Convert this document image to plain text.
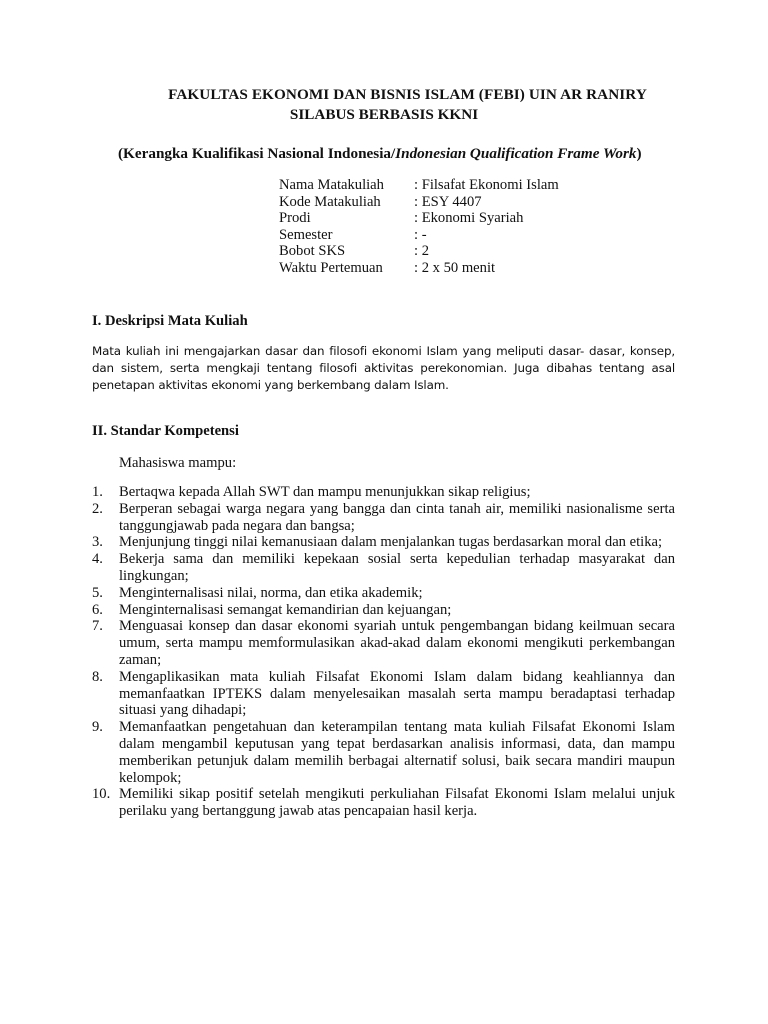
FAKULTAS EKONOMI DAN BISNIS ISLAM (FEBI) UIN AR RANIRY
SILABUS BERBASIS KKNI
(Kerangka Kualifikasi Nasional Indonesia/Indonesian Qualification Frame Work)
Nama Matakuliah	: Filsafat Ekonomi Islam
Kode Matakuliah	: ESY 4407
Prodi	: Ekonomi Syariah
Semester	: -
Bobot SKS	: 2
Waktu Pertemuan	: 2 x 50 menit
I. Deskripsi Mata Kuliah
Mata kuliah ini mengajarkan dasar dan filosofi ekonomi Islam yang meliputi dasar- dasar, konsep, dan sistem, serta mengkaji tentang filosofi aktivitas perekonomian. Juga dibahas tentang asal penetapan aktivitas ekonomi yang berkembang dalam Islam.
II. Standar Kompetensi
Mahasiswa mampu:
1.	Bertaqwa kepada Allah SWT dan mampu menunjukkan sikap religius;
2.	Berperan sebagai warga negara yang bangga dan cinta tanah air, memiliki nasionalisme serta tanggungjawab pada negara dan bangsa;
3.	Menjunjung tinggi nilai kemanusiaan dalam menjalankan tugas berdasarkan moral dan etika;
4.	Bekerja sama dan memiliki kepekaan sosial serta kepedulian terhadap masyarakat dan lingkungan;
5.	Menginternalisasi nilai, norma, dan etika akademik;
6.	Menginternalisasi semangat kemandirian dan kejuangan;
7.	Menguasai konsep dan dasar ekonomi syariah untuk pengembangan bidang keilmuan secara umum, serta mampu memformulasikan akad-akad dalam ekonomi mengikuti perkembangan zaman;
8.	Mengaplikasikan mata kuliah Filsafat Ekonomi Islam dalam bidang keahliannya dan memanfaatkan IPTEKS dalam menyelesaikan masalah serta mampu beradaptasi terhadap situasi yang dihadapi;
9.	Memanfaatkan pengetahuan dan keterampilan tentang mata kuliah Filsafat Ekonomi Islam dalam mengambil keputusan yang tepat berdasarkan analisis informasi, data, dan mampu memberikan petunjuk dalam memilih berbagai alternatif solusi, baik secara mandiri maupun kelompok;
10. Memiliki sikap positif setelah mengikuti perkuliahan Filsafat Ekonomi Islam melalui unjuk perilaku yang bertanggung jawab atas pencapaian hasil kerja.
